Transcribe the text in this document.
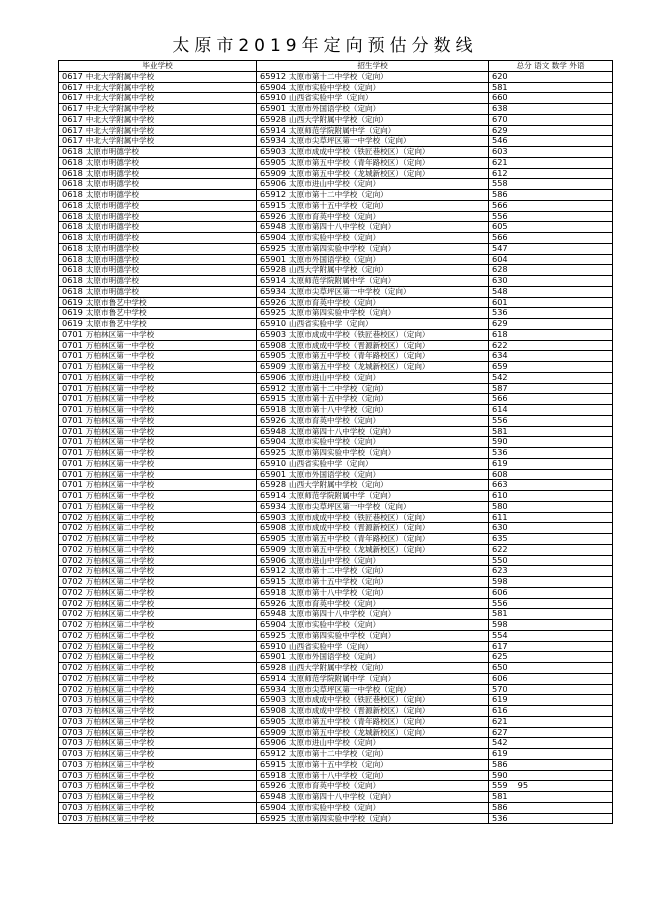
太原市2019年定向预估分数线
毕业学校	招生学校	总分 语文 数学 外语
0617 中北大学附属中学校	65912 太原市第十二中学校（定向）	620
0617 中北大学附属中学校	65904 太原市实验中学校（定向）	581
0617 中北大学附属中学校	65910 山西省实验中学（定向）	660
0617 中北大学附属中学校	65901 太原市外国语学校（定向）	638
0617 中北大学附属中学校	65928 山西大学附属中学校（定向）	670
0617 中北大学附属中学校	65914 太原师范学院附属中学（定向）	629
0617 中北大学附属中学校	65934 太原市尖草坪区第一中学校（定向）	546
0618 太原市明德学校	65903 太原市成成中学校（铁匠巷校区）（定向）	603
0618 太原市明德学校	65905 太原市第五中学校（青年路校区）（定向）	621
0618 太原市明德学校	65909 太原市第五中学校（龙城新校区）（定向）	612
0618 太原市明德学校	65906 太原市进山中学校（定向）	558
0618 太原市明德学校	65912 太原市第十二中学校（定向）	586
0618 太原市明德学校	65915 太原市第十五中学校（定向）	566
0618 太原市明德学校	65926 太原市育英中学校（定向）	556
0618 太原市明德学校	65948 太原市第四十八中学校（定向）	605
0618 太原市明德学校	65904 太原市实验中学校（定向）	566
0618 太原市明德学校	65925 太原市第四实验中学校（定向）	547
0618 太原市明德学校	65901 太原市外国语学校（定向）	604
0618 太原市明德学校	65928 山西大学附属中学校（定向）	628
0618 太原市明德学校	65914 太原师范学院附属中学（定向）	630
0618 太原市明德学校	65934 太原市尖草坪区第一中学校（定向）	548
0619 太原市鲁艺中学校	65926 太原市育英中学校（定向）	601
0619 太原市鲁艺中学校	65925 太原市第四实验中学校（定向）	536
0619 太原市鲁艺中学校	65910 山西省实验中学（定向）	629
0701 万柏林区第一中学校	65903 太原市成成中学校（铁匠巷校区）（定向）	618
0701 万柏林区第一中学校	65908 太原市成成中学校（晋源新校区）（定向）	622
0701 万柏林区第一中学校	65905 太原市第五中学校（青年路校区）（定向）	634
0701 万柏林区第一中学校	65909 太原市第五中学校（龙城新校区）（定向）	659
0701 万柏林区第一中学校	65906 太原市进山中学校（定向）	542
0701 万柏林区第一中学校	65912 太原市第十二中学校（定向）	587
0701 万柏林区第一中学校	65915 太原市第十五中学校（定向）	566
0701 万柏林区第一中学校	65918 太原市第十八中学校（定向）	614
0701 万柏林区第一中学校	65926 太原市育英中学校（定向）	556
0701 万柏林区第一中学校	65948 太原市第四十八中学校（定向）	581
0701 万柏林区第一中学校	65904 太原市实验中学校（定向）	590
0701 万柏林区第一中学校	65925 太原市第四实验中学校（定向）	536
0701 万柏林区第一中学校	65910 山西省实验中学（定向）	619
0701 万柏林区第一中学校	65901 太原市外国语学校（定向）	608
0701 万柏林区第一中学校	65928 山西大学附属中学校（定向）	663
0701 万柏林区第一中学校	65914 太原师范学院附属中学（定向）	610
0701 万柏林区第一中学校	65934 太原市尖草坪区第一中学校（定向）	580
0702 万柏林区第二中学校	65903 太原市成成中学校（铁匠巷校区）（定向）	611
0702 万柏林区第二中学校	65908 太原市成成中学校（晋源新校区）（定向）	630
0702 万柏林区第二中学校	65905 太原市第五中学校（青年路校区）（定向）	635
0702 万柏林区第二中学校	65909 太原市第五中学校（龙城新校区）（定向）	622
0702 万柏林区第二中学校	65906 太原市进山中学校（定向）	550
0702 万柏林区第二中学校	65912 太原市第十二中学校（定向）	623
0702 万柏林区第二中学校	65915 太原市第十五中学校（定向）	598
0702 万柏林区第二中学校	65918 太原市第十八中学校（定向）	606
0702 万柏林区第二中学校	65926 太原市育英中学校（定向）	556
0702 万柏林区第二中学校	65948 太原市第四十八中学校（定向）	581
0702 万柏林区第二中学校	65904 太原市实验中学校（定向）	598
0702 万柏林区第二中学校	65925 太原市第四实验中学校（定向）	554
0702 万柏林区第二中学校	65910 山西省实验中学（定向）	617
0702 万柏林区第二中学校	65901 太原市外国语学校（定向）	625
0702 万柏林区第二中学校	65928 山西大学附属中学校（定向）	650
0702 万柏林区第二中学校	65914 太原师范学院附属中学（定向）	606
0702 万柏林区第二中学校	65934 太原市尖草坪区第一中学校（定向）	570
0703 万柏林区第三中学校	65903 太原市成成中学校（铁匠巷校区）（定向）	619
0703 万柏林区第三中学校	65908 太原市成成中学校（晋源新校区）（定向）	616
0703 万柏林区第三中学校	65905 太原市第五中学校（青年路校区）（定向）	621
0703 万柏林区第三中学校	65909 太原市第五中学校（龙城新校区）（定向）	627
0703 万柏林区第三中学校	65906 太原市进山中学校（定向）	542
0703 万柏林区第三中学校	65912 太原市第十二中学校（定向）	619
0703 万柏林区第三中学校	65915 太原市第十五中学校（定向）	586
0703 万柏林区第三中学校	65918 太原市第十八中学校（定向）	590
0703 万柏林区第三中学校	65926 太原市育英中学校（定向）	559 95
0703 万柏林区第三中学校	65948 太原市第四十八中学校（定向）	581
0703 万柏林区第三中学校	65904 太原市实验中学校（定向）	586
0703 万柏林区第三中学校	65925 太原市第四实验中学校（定向）	536
